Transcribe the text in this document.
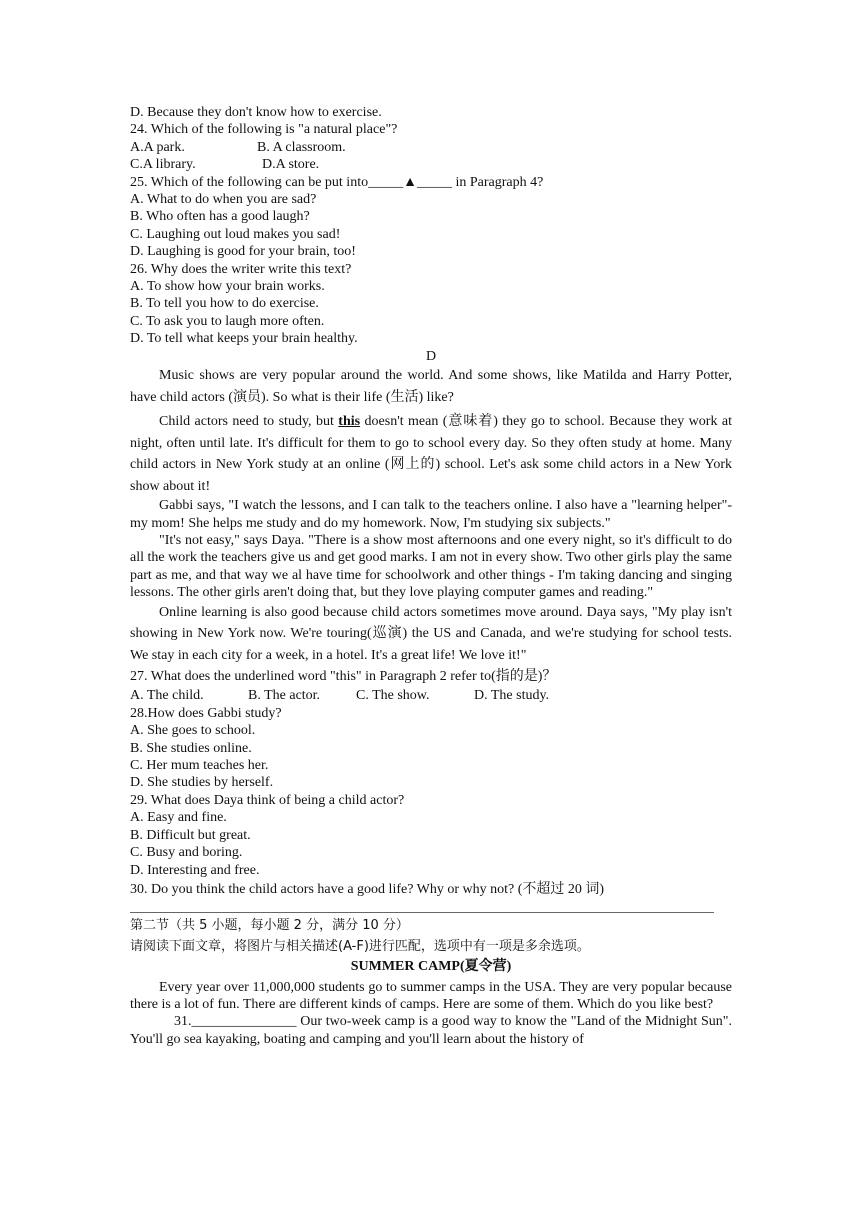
D. Because they don't know how to exercise.
24. Which of the following is "a natural place"?
A.A park.	B. A classroom.
C.A library.	D.A store.
25. Which of the following can be put into_____▲_____ in Paragraph 4?
A. What to do when you are sad?
B. Who often has a good laugh?
C. Laughing out loud makes you sad!
D. Laughing is good for your brain, too!
26. Why does the writer write this text?
A. To show how your brain works.
B. To tell you how to do exercise.
C. To ask you to laugh more often.
D. To tell what keeps your brain healthy.
D

Music shows are very popular around the world. And some shows, like Matilda and Harry Potter, have child actors (演员). So what is their life (生活) like?

Child actors need to study, but this doesn't mean (意味着) they go to school. Because they work at night, often until late. It's difficult for them to go to school every day. So they often study at home. Many child actors in New York study at an online (网上的) school. Let's ask some child actors in a New York show about it!

Gabbi says, "I watch the lessons, and I can talk to the teachers online. I also have a "learning helper"- my mom! She helps me study and do my homework. Now, I'm studying six subjects."

"It's not easy," says Daya. "There is a show most afternoons and one every night, so it's difficult to do all the work the teachers give us and get good marks. I am not in every show. Two other girls play the same part as me, and that way we al have time for schoolwork and other things - I'm taking dancing and singing lessons. The other girls aren't doing that, but they love playing computer games and reading."

Online learning is also good because child actors sometimes move around. Daya says, "My play isn't showing in New York now. We're touring(巡演) the US and Canada, and we're studying for school tests. We stay in each city for a week, in a hotel. It's a great life! We love it!"

27. What does the underlined word "this" in Paragraph 2 refer to(指的是)？
A. The child.	B. The actor.	C. The show.	D. The study.
28.How does Gabbi study?
A. She goes to school.
B. She studies online.
C. Her mum teaches her.
D. She studies by herself.
29. What does Daya think of being a child actor?
A. Easy and fine.
B. Difficult but great.
C. Busy and boring.
D. Interesting and free.
30. Do you think the child actors have a good life? Why or why not? (不超过 20 词)
第二节（共 5 小题，每小题 2 分，满分 10 分）
请阅读下面文章，将图片与相关描述(A-F)进行匹配，选项中有一项是多余选项。
SUMMER CAMP(夏令营)

Every year over 11,000,000 students go to summer camps in the USA. They are very popular because there is a lot of fun. There are different kinds of camps. Here are some of them. Which do you like best?

31._______________ Our two-week camp is a good way to know the "Land of the Midnight Sun". You'll go sea kayaking, boating and camping and you'll learn about the history of
